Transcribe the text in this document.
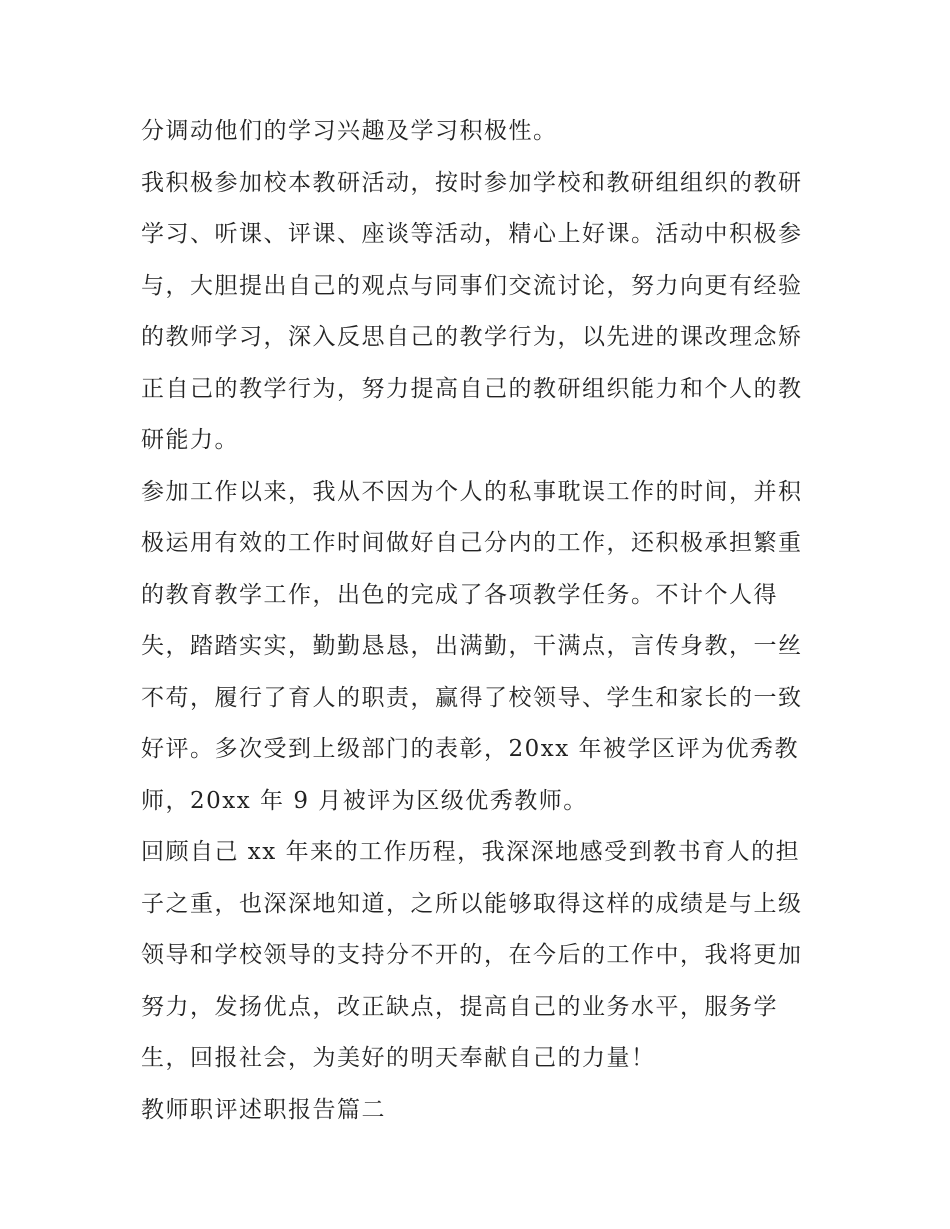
分调动他们的学习兴趣及学习积极性。
我积极参加校本教研活动，按时参加学校和教研组组织的教研
学习、听课、评课、座谈等活动，精心上好课。活动中积极参
与，大胆提出自己的观点与同事们交流讨论，努力向更有经验
的教师学习，深入反思自己的教学行为，以先进的课改理念矫
正自己的教学行为，努力提高自己的教研组织能力和个人的教
研能力。
参加工作以来，我从不因为个人的私事耽误工作的时间，并积
极运用有效的工作时间做好自己分内的工作，还积极承担繁重
的教育教学工作，出色的完成了各项教学任务。不计个人得
失，踏踏实实，勤勤恳恳，出满勤，干满点，言传身教，一丝
不苟，履行了育人的职责，赢得了校领导、学生和家长的一致
好评。多次受到上级部门的表彰，20xx 年被学区评为优秀教
师，20xx 年 9 月被评为区级优秀教师。
回顾自己 xx 年来的工作历程，我深深地感受到教书育人的担
子之重，也深深地知道，之所以能够取得这样的成绩是与上级
领导和学校领导的支持分不开的，在今后的工作中，我将更加
努力，发扬优点，改正缺点，提高自己的业务水平，服务学
生，回报社会，为美好的明天奉献自己的力量！
教师职评述职报告篇二
